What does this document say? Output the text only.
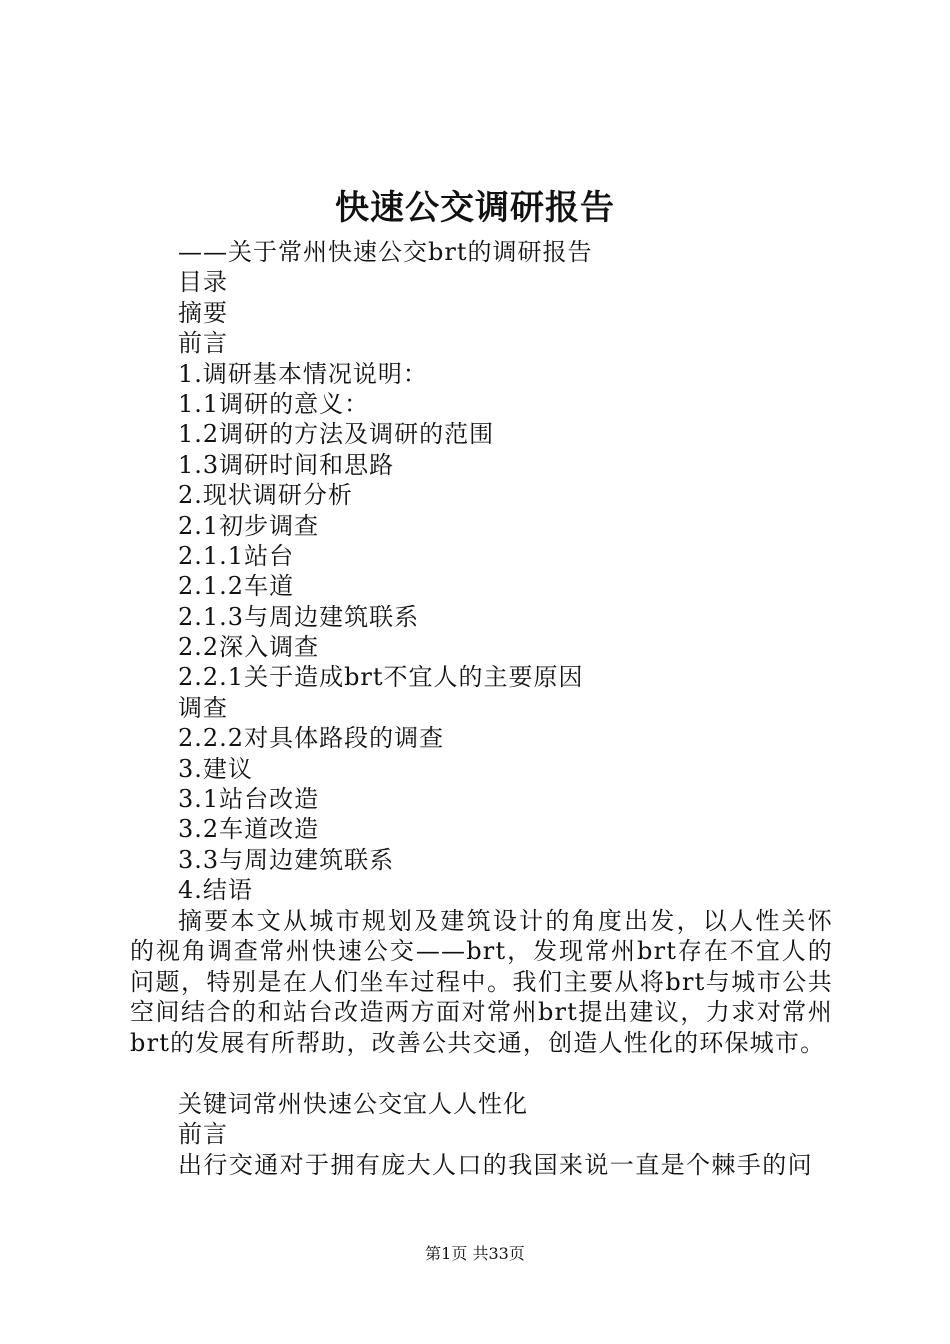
快速公交调研报告
——关于常州快速公交brt的调研报告
目录
摘要
前言
1.调研基本情况说明：
1.1调研的意义：
1.2调研的方法及调研的范围
1.3调研时间和思路
2.现状调研分析
2.1初步调查
2.1.1站台
2.1.2车道
2.1.3与周边建筑联系
2.2深入调查
2.2.1关于造成brt不宜人的主要原因
调查
2.2.2对具体路段的调查
3.建议
3.1站台改造
3.2车道改造
3.3与周边建筑联系
4.结语
摘要本文从城市规划及建筑设计的角度出发，以人性关怀的视角调查常州快速公交——brt，发现常州brt存在不宜人的问题，特别是在人们坐车过程中。我们主要从将brt与城市公共空间结合的和站台改造两方面对常州brt提出建议，力求对常州brt的发展有所帮助，改善公共交通，创造人性化的环保城市。
关键词常州快速公交宜人人性化
前言
出行交通对于拥有庞大人口的我国来说一直是个棘手的问
第1页 共33页
